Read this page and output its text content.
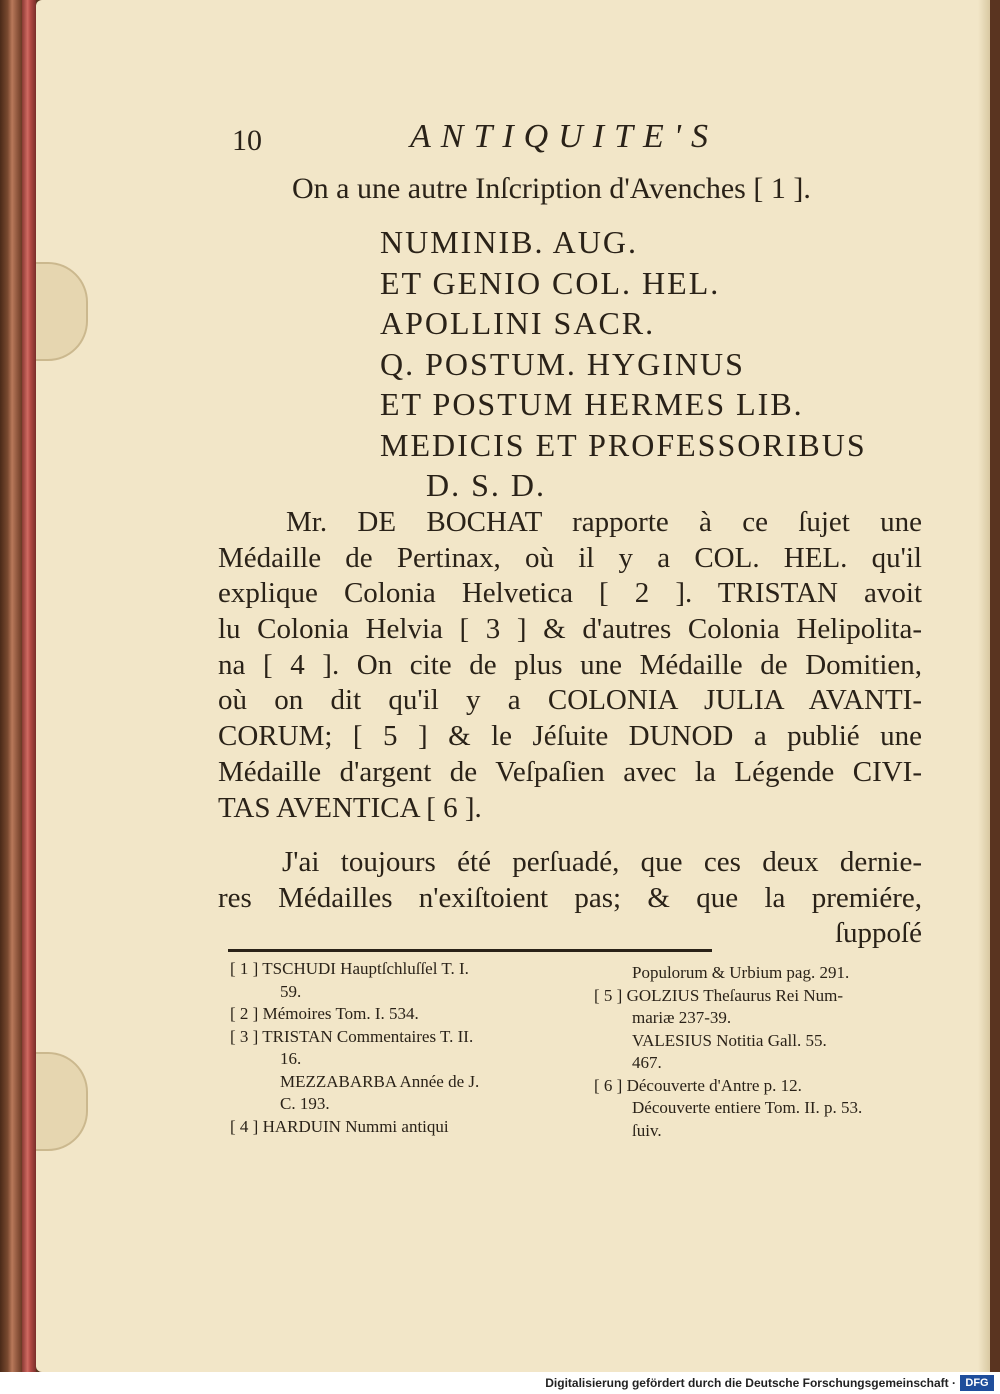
10	ANTIQUITE'S
On a une autre Inſcription d'Avenches [ 1 ].
NUMINIB. AUG.
ET GENIO COL. HEL.
APOLLINI SACR.
Q. POSTUM. HYGINUS
ET POSTUM HERMES LIB.
MEDICIS ET PROFESSORIBUS
D. S. D.
Mr. DE BOCHAT rapporte à ce ſujet une
Médaille de Pertinax, où il y a COL. HEL. qu'il
explique Colonia Helvetica [ 2 ]. TRISTAN avoit
lu Colonia Helvia [ 3 ] & d'autres Colonia Helipolita-
na [ 4 ]. On cite de plus une Médaille de Domitien,
où on dit qu'il y a COLONIA JULIA AVANTI-
CORUM; [ 5 ] & le Jéſuite DUNOD a publié une
Médaille d'argent de Veſpaſien avec la Légende CIVI-
TAS AVENTICA [ 6 ].
J'ai toujours été perſuadé, que ces deux dernie-
res Médailles n'exiſtoient pas; & que la premiére,
ſuppoſé
[ 1 ] TSCHUDI Hauptſchluſſel T. I.
59.
[ 2 ] Mémoires Tom. I. 534.
[ 3 ] TRISTAN Commentaires T. II.
16.
MEZZABARBA Année de J.
C. 193.
[ 4 ] HARDUIN Nummi antiqui
Populorum & Urbium pag. 291.
[ 5 ] GOLZIUS Theſaurus Rei Num-
mariæ 237-39.
VALESIUS Notitia Gall. 55.
467.
[ 6 ] Découverte d'Antre p. 12.
Découverte entiere Tom. II. p. 53.
ſuiv.
Digitalisierung gefördert durch die Deutsche Forschungsgemeinschaft · DFG
